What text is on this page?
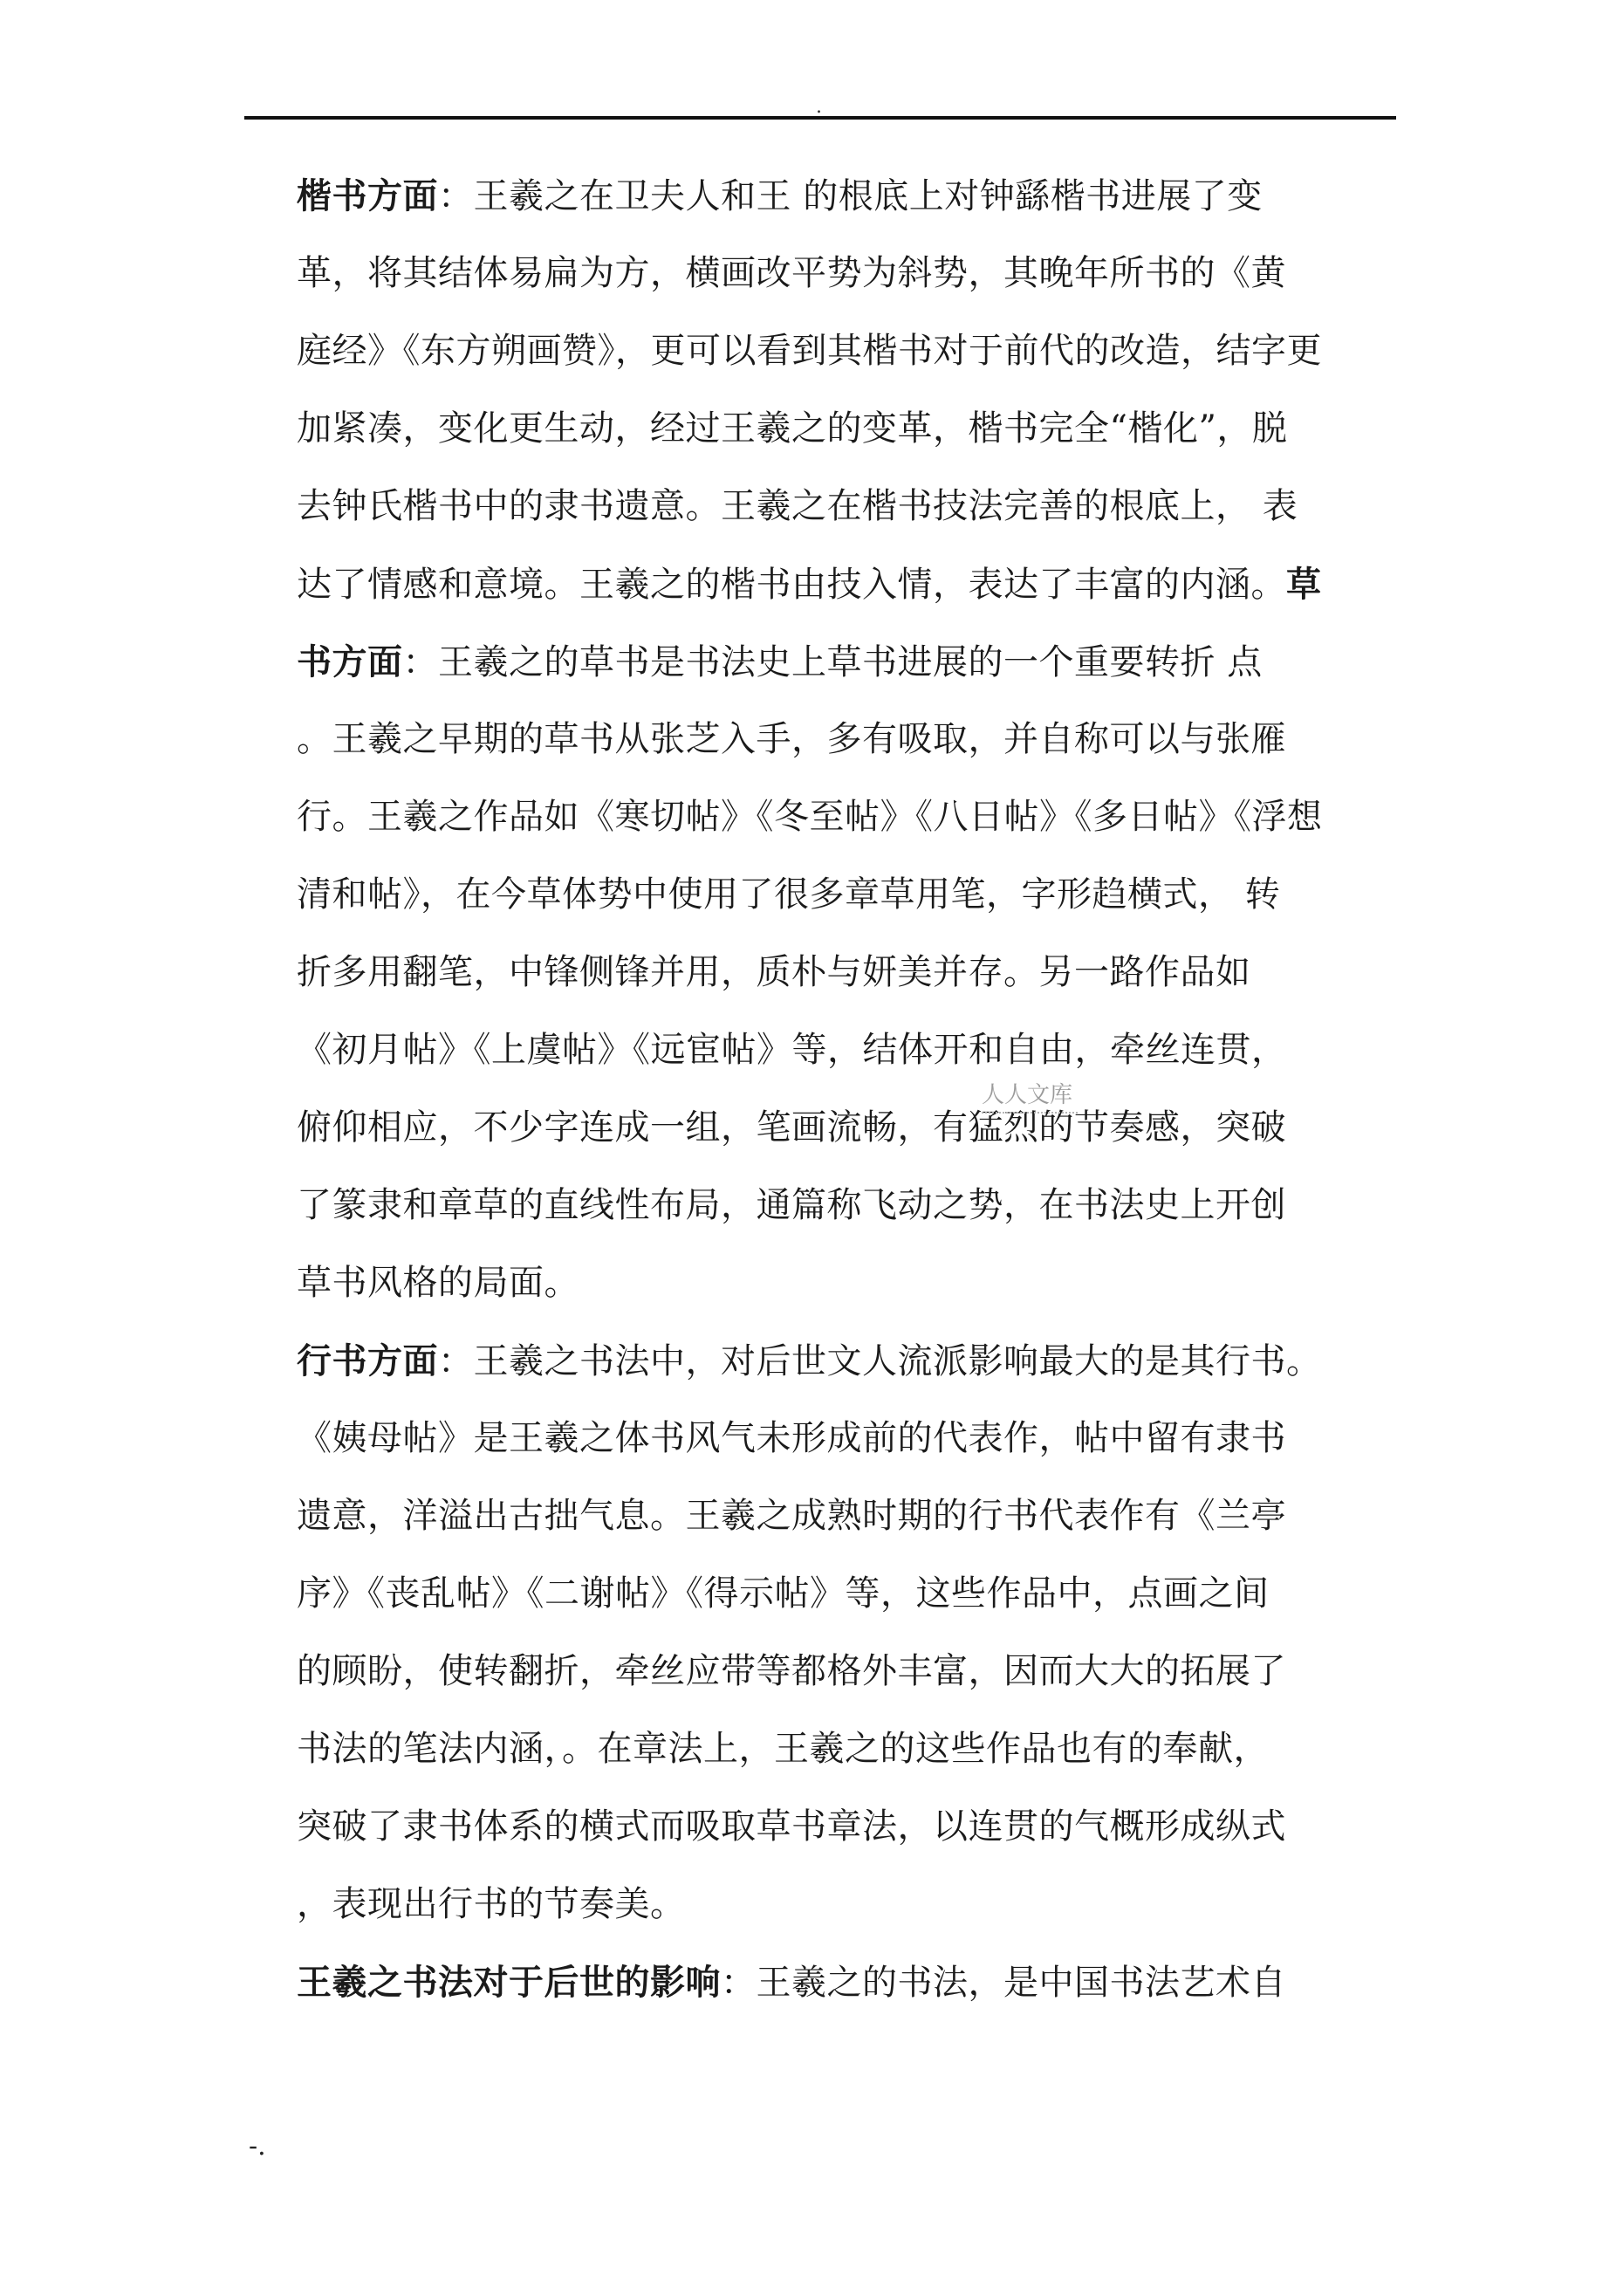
.
楷书方面：王羲之在卫夫人和王 的根底上对钟繇楷书进展了变
革，将其结体易扁为方，横画改平势为斜势，其晚年所书的《黄
庭经》《东方朔画赞》，更可以看到其楷书对于前代的改造，结字更
加紧凑，变化更生动，经过王羲之的变革，楷书完全“楷化”，脱
去钟氏楷书中的隶书遗意。王羲之在楷书技法完善的根底上， 表
达了情感和意境。王羲之的楷书由技入情，表达了丰富的内涵。草
书方面：王羲之的草书是书法史上草书进展的一个重要转折 点
。王羲之早期的草书从张芝入手，多有吸取，并自称可以与张雁
行。王羲之作品如《寒切帖》《冬至帖》《八日帖》《多日帖》《浮想
清和帖》，在今草体势中使用了很多章草用笔，字形趋横式， 转
折多用翻笔，中锋侧锋并用，质朴与妍美并存。另一路作品如
《初月帖》《上虞帖》《远宦帖》等，结体开和自由，牵丝连贯，
俯仰相应，不少字连成一组，笔画流畅，有猛烈的节奏感，突破
了篆隶和章草的直线性布局，通篇称飞动之势，在书法史上开创
草书风格的局面。
行书方面：王羲之书法中，对后世文人流派影响最大的是其行书。
《姨母帖》是王羲之体书风气未形成前的代表作，帖中留有隶书
遗意，洋溢出古拙气息。王羲之成熟时期的行书代表作有《兰亭
序》《丧乱帖》《二谢帖》《得示帖》等，这些作品中，点画之间
的顾盼，使转翻折，牵丝应带等都格外丰富，因而大大的拓展了
书法的笔法内涵，。在章法上，王羲之的这些作品也有的奉献，
突破了隶书体系的横式而吸取草书章法，以连贯的气概形成纵式
，表现出行书的节奏美。
王羲之书法对于后世的影响：王羲之的书法，是中国书法艺术自
人人文库
-.
